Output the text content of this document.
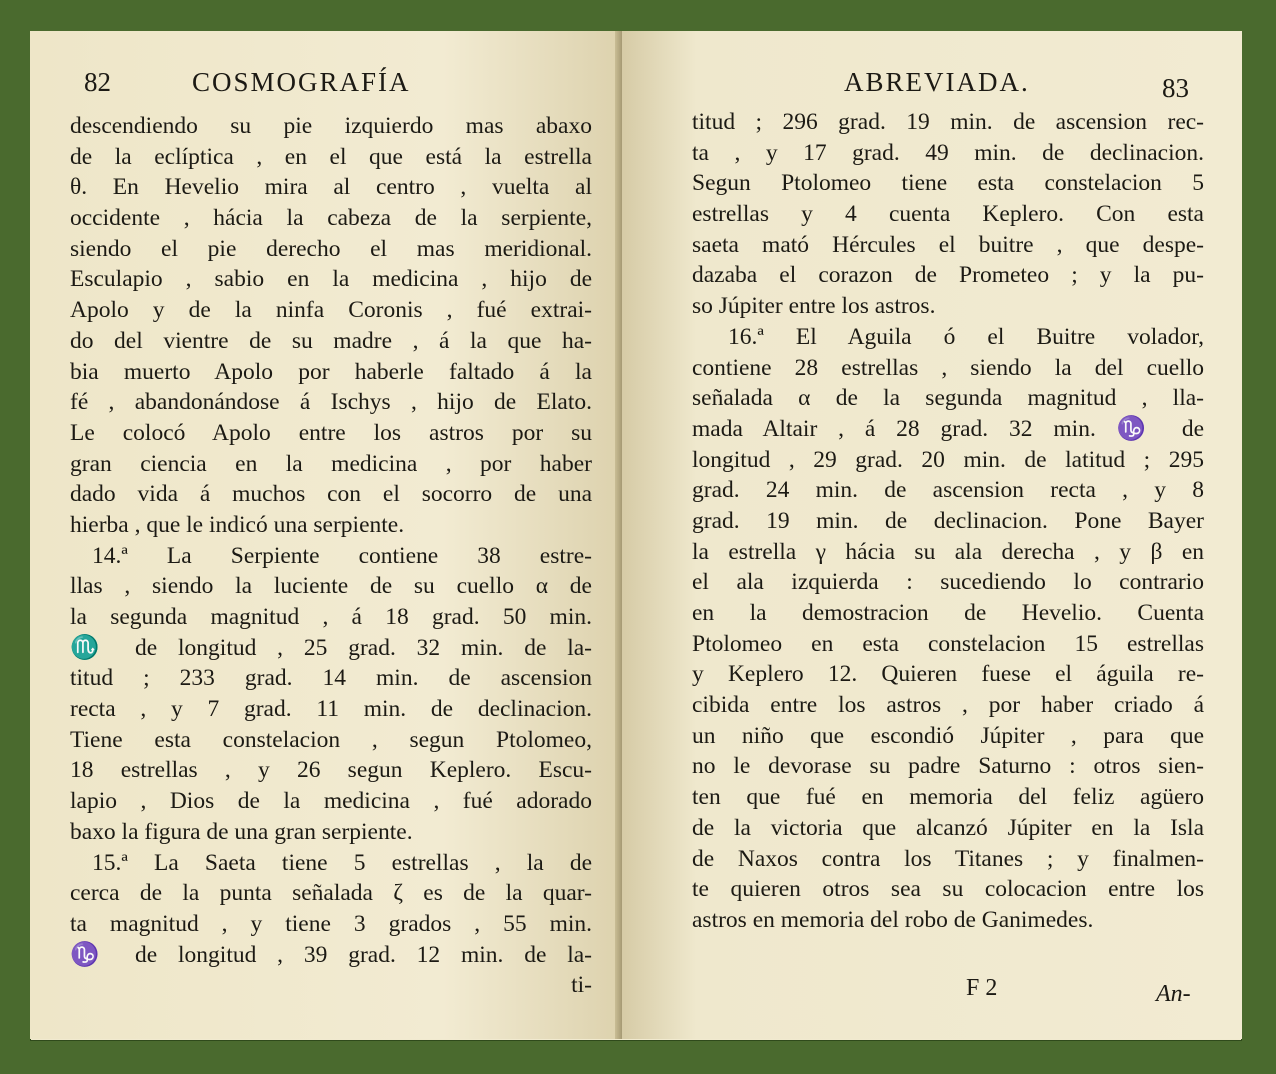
82	COSMOGRAFÍA
descendiendo su pie izquierdo mas abaxo
de la eclíptica , en el que está la estrella
θ. En Hevelio mira al centro , vuelta al
occidente , hácia la cabeza de la serpiente,
siendo el pie derecho el mas meridional.
Esculapio , sabio en la medicina , hijo de
Apolo y de la ninfa Coronis , fué extrai-
do del vientre de su madre , á la que ha-
bia muerto Apolo por haberle faltado á la
fé , abandonándose á Ischys , hijo de Elato.
Le colocó Apolo entre los astros por su
gran ciencia en la medicina , por haber
dado vida á muchos con el socorro de una
hierba , que le indicó una serpiente.
14.ª La Serpiente contiene 38 estre-
llas , siendo la luciente de su cuello α de
la segunda magnitud , á 18 grad. 50 min.
♏ de longitud , 25 grad. 32 min. de la-
titud ; 233 grad. 14 min. de ascension
recta , y 7 grad. 11 min. de declinacion.
Tiene esta constelacion , segun Ptolomeo,
18 estrellas , y 26 segun Keplero. Escu-
lapio , Dios de la medicina , fué adorado
baxo la figura de una gran serpiente.
15.ª La Saeta tiene 5 estrellas , la de
cerca de la punta señalada ζ es de la quar-
ta magnitud , y tiene 3 grados , 55 min.
♑ de longitud , 39 grad. 12 min. de la-
ti-
ABREVIADA.	83
titud ; 296 grad. 19 min. de ascension rec-
ta , y 17 grad. 49 min. de declinacion.
Segun Ptolomeo tiene esta constelacion 5
estrellas y 4 cuenta Keplero. Con esta
saeta mató Hércules el buitre , que despe-
dazaba el corazon de Prometeo ; y la pu-
so Júpiter entre los astros.
16.ª El Aguila ó el Buitre volador,
contiene 28 estrellas , siendo la del cuello
señalada α de la segunda magnitud , lla-
mada Altair , á 28 grad. 32 min. ♑ de
longitud , 29 grad. 20 min. de latitud ; 295
grad. 24 min. de ascension recta , y 8
grad. 19 min. de declinacion. Pone Bayer
la estrella γ hácia su ala derecha , y β en
el ala izquierda : sucediendo lo contrario
en la demostracion de Hevelio. Cuenta
Ptolomeo en esta constelacion 15 estrellas
y Keplero 12. Quieren fuese el águila re-
cibida entre los astros , por haber criado á
un niño que escondió Júpiter , para que
no le devorase su padre Saturno : otros sien-
ten que fué en memoria del feliz agüero
de la victoria que alcanzó Júpiter en la Isla
de Naxos contra los Titanes ; y finalmen-
te quieren otros sea su colocacion entre los
astros en memoria del robo de Ganimedes.
F 2	An-
